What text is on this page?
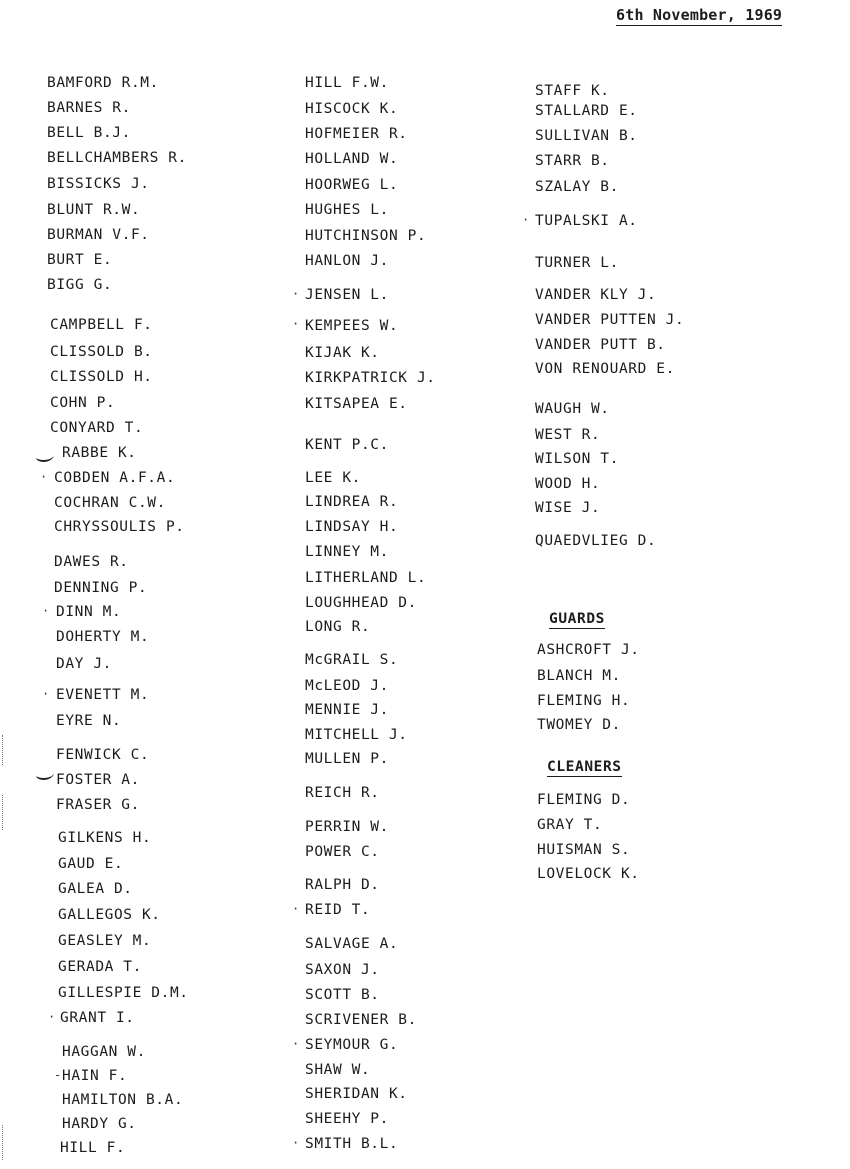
6th November, 1969
BAMFORD R.M.
BARNES R.
BELL B.J.
BELLCHAMBERS R.
BISSICKS J.
BLUNT R.W.
BURMAN V.F.
BURT E.
BIGG G.
CAMPBELL F.
CLISSOLD B.
CLISSOLD H.
COHN P.
CONYARD T.
RABBE K.
· COBDEN A.F.A.
COCHRAN C.W.
CHRYSSOULIS P.
DAWES R.
DENNING P.
· DINN M.
DOHERTY M.
DAY J.
· EVENETT M.
EYRE N.
FENWICK C.
FOSTER A.
FRASER G.
GILKENS H.
GAUD E.
GALEA D.
GALLEGOS K.
GEASLEY M.
GERADA T.
GILLESPIE D.M.
· GRANT I.
HAGGAN W.
- HAIN F.
HAMILTON B.A.
HARDY G.
HILL F.
HILL F.W.
HISCOCK K.
HOFMEIER R.
HOLLAND W.
HOORWEG L.
HUGHES L.
HUTCHINSON P.
HANLON J.
· JENSEN L.
· KEMPEES W.
KIJAK K.
KIRKPATRICK J.
KITSAPEA E.
KENT P.C.
LEE K.
LINDREA R.
LINDSAY H.
LINNEY M.
LITHERLAND L.
LOUGHHEAD D.
LONG R.
McGRAIL S.
McLEOD J.
MENNIE J.
MITCHELL J.
MULLEN P.
REICH R.
PERRIN W.
POWER C.
RALPH D.
· REID T.
SALVAGE A.
SAXON J.
SCOTT B.
SCRIVENER B.
· SEYMOUR G.
SHAW W.
SHERIDAN K.
SHEEHY P.
· SMITH B.L.
STAFF K.
STALLARD E.
SULLIVAN B.
STARR B.
SZALAY B.
· TUPALSKI A.
TURNER L.
VANDER KLY J.
VANDER PUTTEN J.
VANDER PUTT B.
VON RENOUARD E.
WAUGH W.
WEST R.
WILSON T.
WOOD H.
WISE J.
QUAEDVLIEG D.
GUARDS
ASHCROFT J.
BLANCH M.
FLEMING H.
TWOMEY D.
CLEANERS
FLEMING D.
GRAY T.
HUISMAN S.
LOVELOCK K.
